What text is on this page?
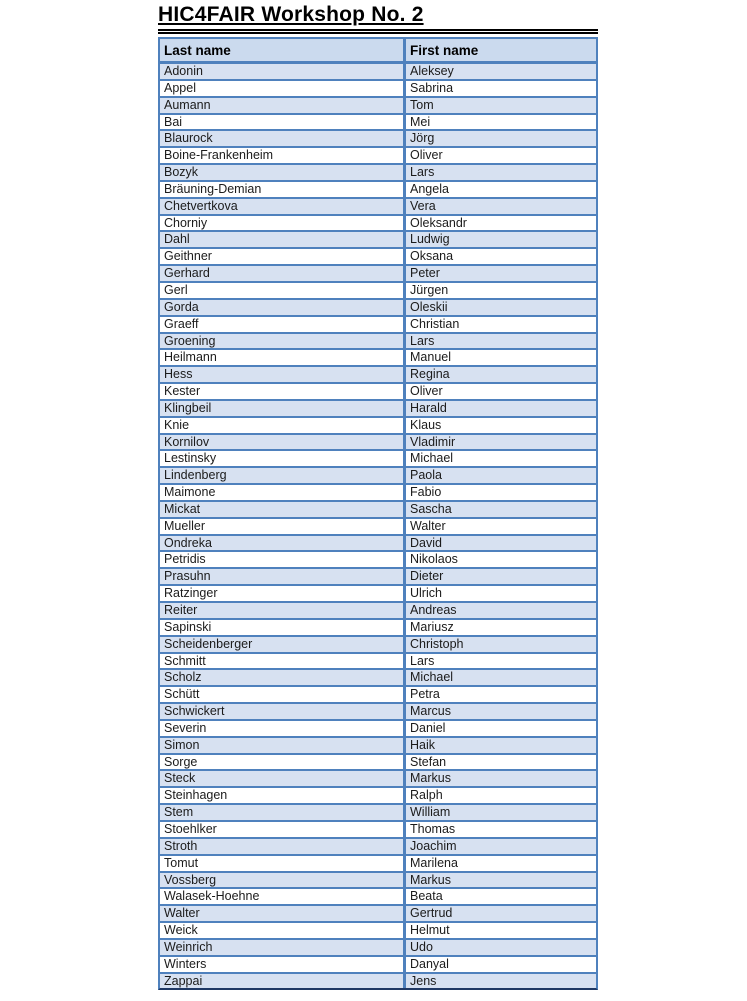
HIC4FAIR Workshop No. 2
Last name	First name
Adonin	Aleksey
Appel	Sabrina
Aumann	Tom
Bai	Mei
Blaurock	Jörg
Boine-Frankenheim	Oliver
Bozyk	Lars
Bräuning-Demian	Angela
Chetvertkova	Vera
Chorniy	Oleksandr
Dahl	Ludwig
Geithner	Oksana
Gerhard	Peter
Gerl	Jürgen
Gorda	Oleskii
Graeff	Christian
Groening	Lars
Heilmann	Manuel
Hess	Regina
Kester	Oliver
Klingbeil	Harald
Knie	Klaus
Kornilov	Vladimir
Lestinsky	Michael
Lindenberg	Paola
Maimone	Fabio
Mickat	Sascha
Mueller	Walter
Ondreka	David
Petridis	Nikolaos
Prasuhn	Dieter
Ratzinger	Ulrich
Reiter	Andreas
Sapinski	Mariusz
Scheidenberger	Christoph
Schmitt	Lars
Scholz	Michael
Schütt	Petra
Schwickert	Marcus
Severin	Daniel
Simon	Haik
Sorge	Stefan
Steck	Markus
Steinhagen	Ralph
Stem	William
Stoehlker	Thomas
Stroth	Joachim
Tomut	Marilena
Vossberg	Markus
Walasek-Hoehne	Beata
Walter	Gertrud
Weick	Helmut
Weinrich	Udo
Winters	Danyal
Zappai	Jens
